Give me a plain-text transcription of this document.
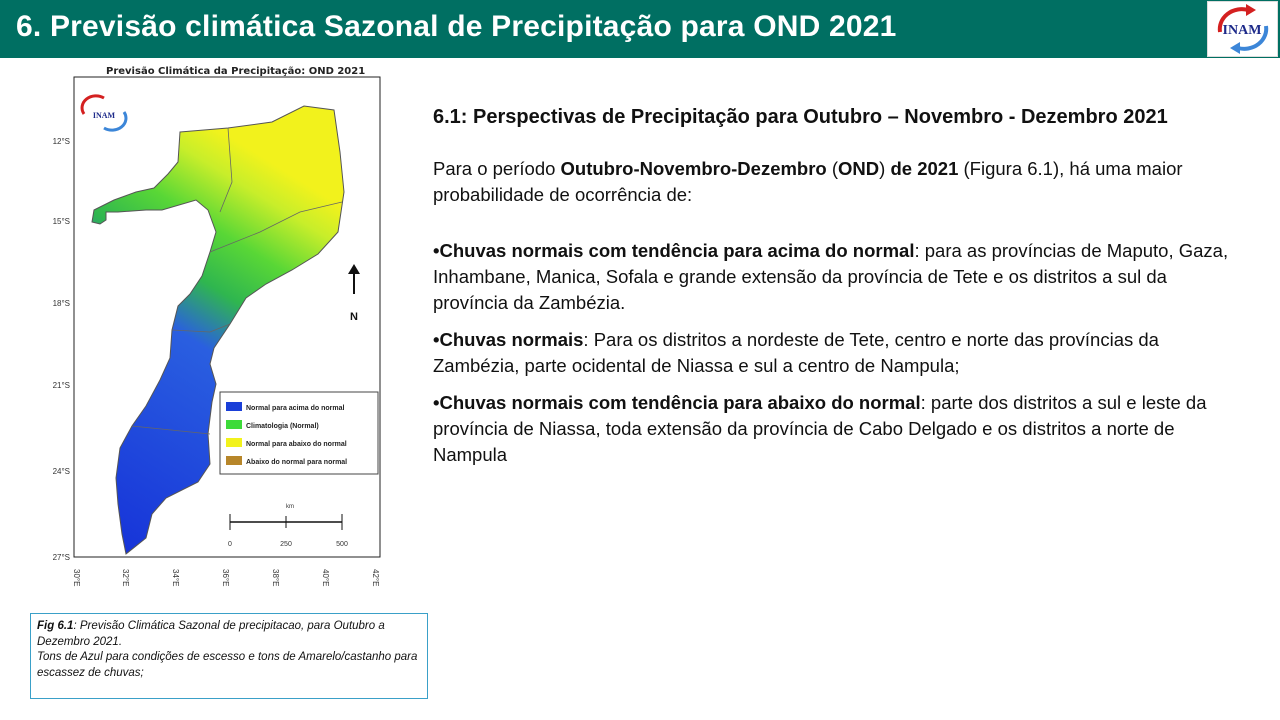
6. Previsão climática Sazonal de Precipitação para OND 2021	INAM
INAM
12°S
15°S
18°S
21°S
24°S
27°S
30°E	32°E	34°E	36°E	38°E	40°E	42°E
N
Normal para acima do normal
Climatologia (Normal)
Normal para abaixo do normal
Abaixo do normal para normal
km
0	250	500
Previsão Climática da Precipitação: OND 2021
Fig 6.1: Previsão Climática Sazonal de precipitacao, para Outubro a Dezembro 2021.
Tons de Azul para condições de escesso e tons de Amarelo/castanho para escassez de chuvas;

6.1: Perspectivas de Precipitação para Outubro – Novembro - Dezembro 2021

Para o período Outubro-Novembro-Dezembro (OND) de 2021 (Figura 6.1), há uma maior probabilidade de ocorrência de:

•Chuvas normais com tendência para acima do normal: para as províncias de Maputo, Gaza, Inhambane, Manica, Sofala e grande extensão da província de Tete e os distritos a sul da província da Zambézia.

•Chuvas normais: Para os distritos a nordeste de Tete, centro e norte das províncias da Zambézia, parte ocidental de Niassa e sul a centro de Nampula;

•Chuvas normais com tendência para abaixo do normal: parte dos distritos a sul e leste da província de Niassa, toda extensão da província de Cabo Delgado e os distritos a norte de Nampula
